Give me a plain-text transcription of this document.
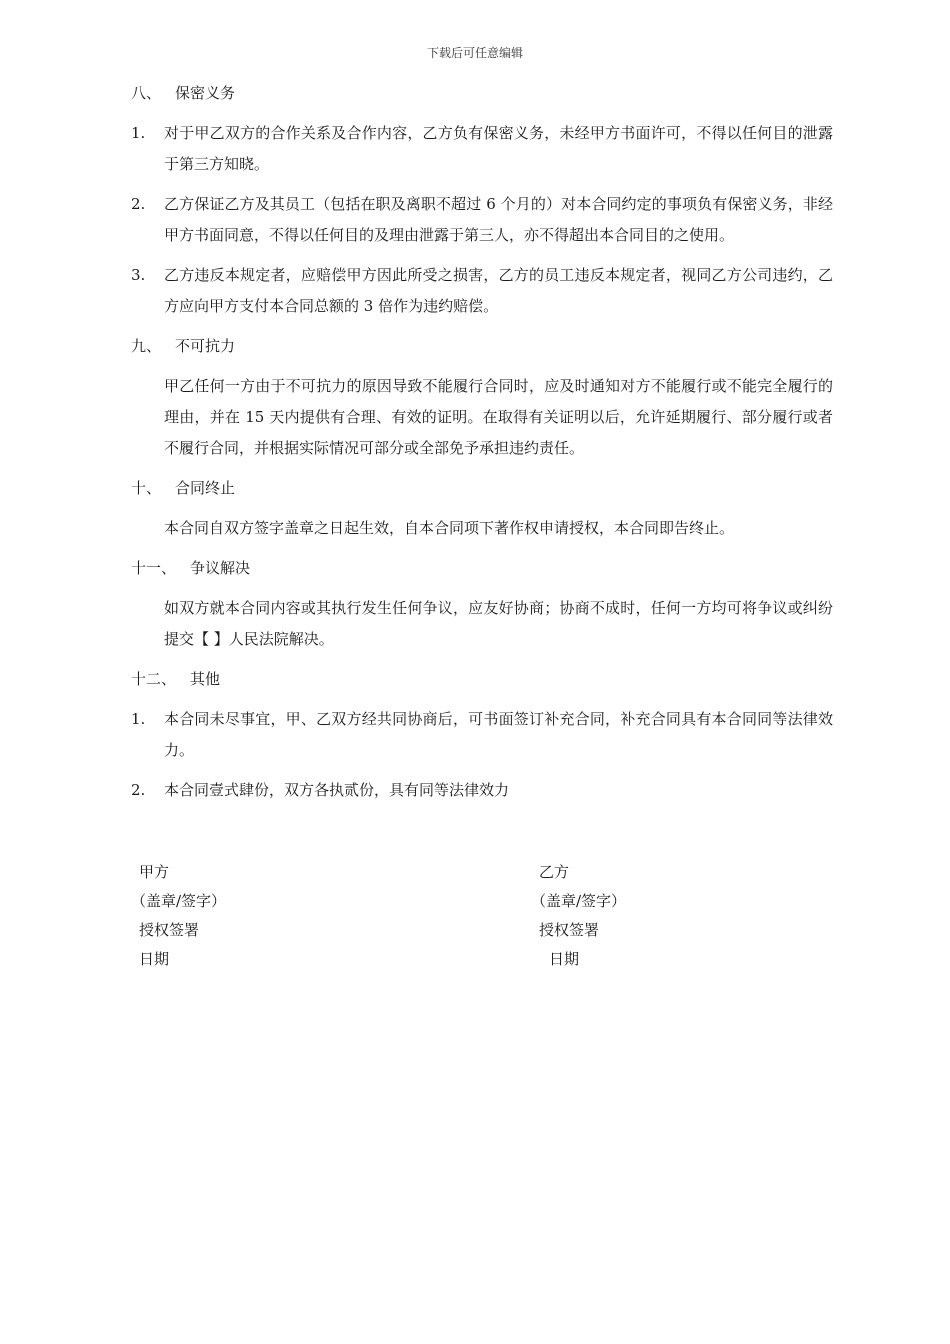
下载后可任意编辑
八、 保密义务
1. 对于甲乙双方的合作关系及合作内容，乙方负有保密义务，未经甲方书面许可，不得以任何目的泄露于第三方知晓。
2. 乙方保证乙方及其员工（包括在职及离职不超过 6 个月的）对本合同约定的事项负有保密义务，非经甲方书面同意，不得以任何目的及理由泄露于第三人，亦不得超出本合同目的之使用。
3. 乙方违反本规定者，应赔偿甲方因此所受之损害，乙方的员工违反本规定者，视同乙方公司违约，乙方应向甲方支付本合同总额的 3 倍作为违约赔偿。
九、 不可抗力
甲乙任何一方由于不可抗力的原因导致不能履行合同时，应及时通知对方不能履行或不能完全履行的理由，并在 15 天内提供有合理、有效的证明。在取得有关证明以后，允许延期履行、部分履行或者不履行合同，并根据实际情况可部分或全部免予承担违约责任。
十、 合同终止
本合同自双方签字盖章之日起生效，自本合同项下著作权申请授权，本合同即告终止。
十一、 争议解决
如双方就本合同内容或其执行发生任何争议，应友好协商；协商不成时，任何一方均可将争议或纠纷提交【 】人民法院解决。
十二、 其他
1. 本合同未尽事宜，甲、乙双方经共同协商后，可书面签订补充合同，补充合同具有本合同同等法律效力。
2. 本合同壹式肆份，双方各执贰份，具有同等法律效力
甲方
（盖章/签字）
授权签署
日期
乙方
（盖章/签字）
授权签署
日期
